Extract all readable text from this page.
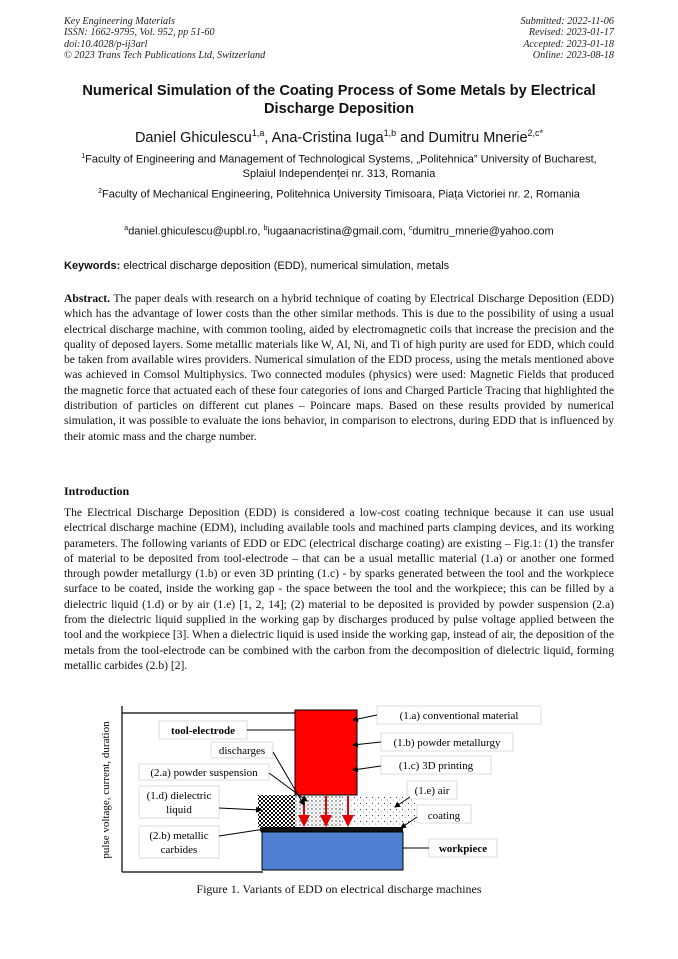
Key Engineering Materials
ISSN: 1662-9795, Vol. 952, pp 51-60
doi:10.4028/p-ij3arl
© 2023 Trans Tech Publications Ltd, Switzerland
Submitted: 2022-11-06
Revised: 2023-01-17
Accepted: 2023-01-18
Online: 2023-08-18
Numerical Simulation of the Coating Process of Some Metals by Electrical Discharge Deposition
Daniel Ghiculescu$^{1,a}$, Ana-Cristina Iuga$^{1,b}$ and Dumitru Mnerie$^{2,c*}$
$^1$Faculty of Engineering and Management of Technological Systems, „Politehnica” University of Bucharest, Splaiul Independenței nr. 313, Romania
$^2$Faculty of Mechanical Engineering, Politehnica University Timisoara, Piața Victoriei nr. 2, Romania
$^a$daniel.ghiculescu@upbl.ro, $^b$iugaanacristina@gmail.com, $^c$dumitru_mnerie@yahoo.com
Keywords: electrical discharge deposition (EDD), numerical simulation, metals
Abstract. The paper deals with research on a hybrid technique of coating by Electrical Discharge Deposition (EDD) which has the advantage of lower costs than the other similar methods. This is due to the possibility of using a usual electrical discharge machine, with common tooling, aided by electromagnetic coils that increase the precision and the quality of deposed layers. Some metallic materials like W, Al, Ni, and Ti of high purity are used for EDD, which could be taken from available wires providers. Numerical simulation of the EDD process, using the metals mentioned above was achieved in Comsol Multiphysics. Two connected modules (physics) were used: Magnetic Fields that produced the magnetic force that actuated each of these four categories of ions and Charged Particle Tracing that highlighted the distribution of particles on different cut planes – Poincare maps. Based on these results provided by numerical simulation, it was possible to evaluate the ions behavior, in comparison to electrons, during EDD that is influenced by their atomic mass and the charge number.
Introduction
The Electrical Discharge Deposition (EDD) is considered a low-cost coating technique because it can use usual electrical discharge machine (EDM), including available tools and machined parts clamping devices, and its working parameters. The following variants of EDD or EDC (electrical discharge coating) are existing – Fig.1: (1) the transfer of material to be deposited from tool-electrode – that can be a usual metallic material (1.a) or another one formed through powder metallurgy (1.b) or even 3D printing (1.c) - by sparks generated between the tool and the workpiece surface to be coated, inside the working gap - the space between the tool and the workpiece; this can be filled by a dielectric liquid (1.d) or by air (1.e) [1, 2, 14]; (2) material to be deposited is provided by powder suspension (2.a) from the dielectric liquid supplied in the working gap by discharges produced by pulse voltage applied between the tool and the workpiece [3]. When a dielectric liquid is used inside the working gap, instead of air, the deposition of the metals from the tool-electrode can be combined with the carbon from the decomposition of dielectric liquid, forming metallic carbides (2.b) [2].
pulse voltage, current, duration	tool-electrode
discharges
(2.a) powder suspension
(1.d) dielectric
liquid
(2.b) metallic
carbides
(1.a) conventional material
(1.b) powder metallurgy
(1.c) 3D printing
(1.e) air
coating
workpiece
Figure 1. Variants of EDD on electrical discharge machines
